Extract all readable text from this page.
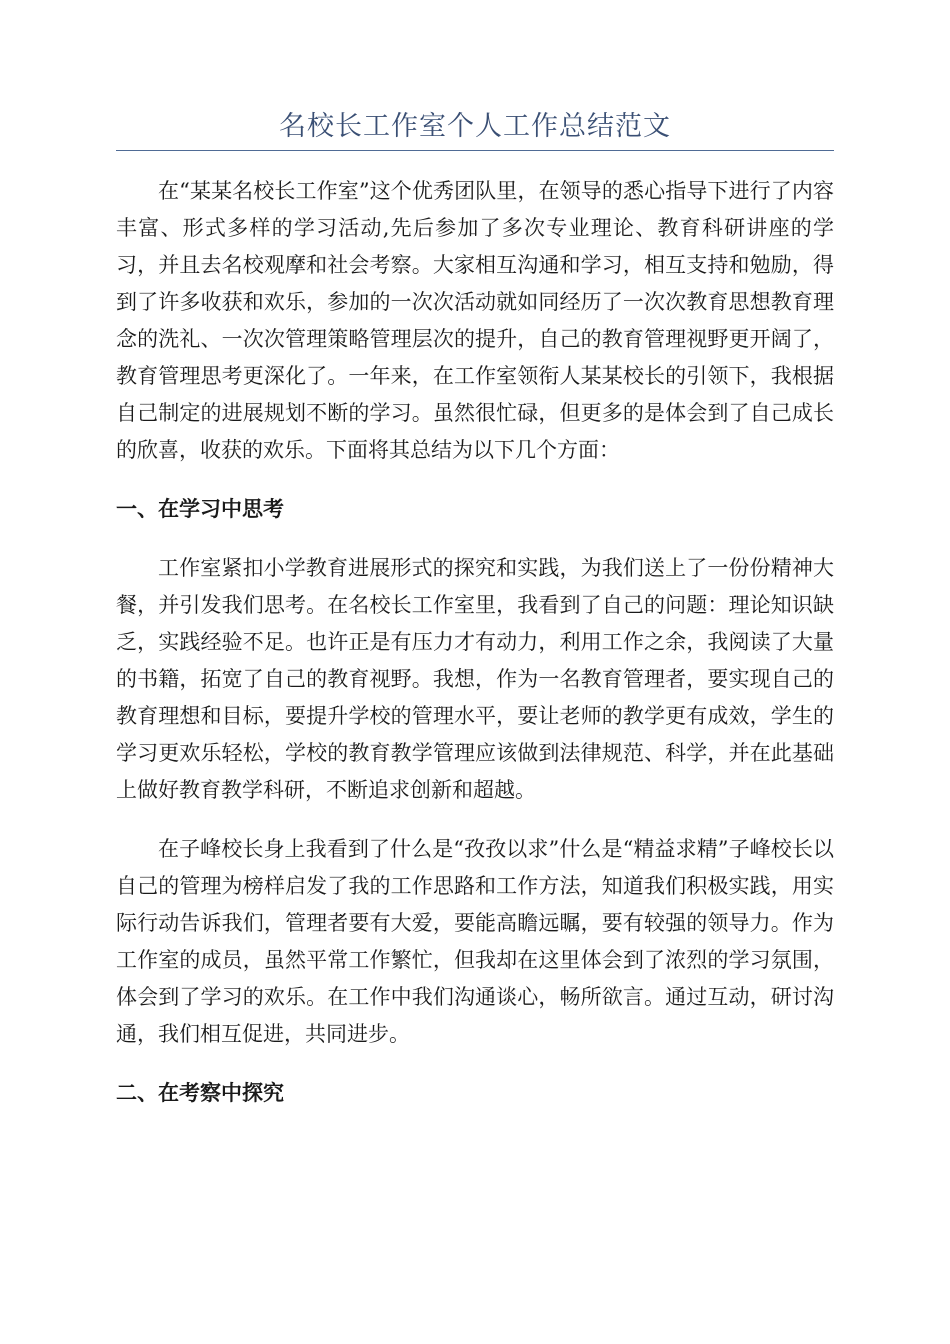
名校长工作室个人工作总结范文

在“某某名校长工作室”这个优秀团队里，在领导的悉心指导下进行了内容丰富、形式多样的学习活动,先后参加了多次专业理论、教育科研讲座的学习，并且去名校观摩和社会考察。大家相互沟通和学习，相互支持和勉励，得到了许多收获和欢乐，参加的一次次活动就如同经历了一次次教育思想教育理念的洗礼、一次次管理策略管理层次的提升，自己的教育管理视野更开阔了，教育管理思考更深化了。一年来，在工作室领衔人某某校长的引领下，我根据自己制定的进展规划不断的学习。虽然很忙碌，但更多的是体会到了自己成长的欣喜，收获的欢乐。下面将其总结为以下几个方面：

一、在学习中思考

工作室紧扣小学教育进展形式的探究和实践，为我们送上了一份份精神大餐，并引发我们思考。在名校长工作室里，我看到了自己的问题：理论知识缺乏，实践经验不足。也许正是有压力才有动力，利用工作之余，我阅读了大量的书籍，拓宽了自己的教育视野。我想，作为一名教育管理者，要实现自己的教育理想和目标，要提升学校的管理水平，要让老师的教学更有成效，学生的学习更欢乐轻松，学校的教育教学管理应该做到法律规范、科学，并在此基础上做好教育教学科研，不断追求创新和超越。

在子峰校长身上我看到了什么是“孜孜以求”什么是“精益求精”子峰校长以自己的管理为榜样启发了我的工作思路和工作方法，知道我们积极实践，用实际行动告诉我们，管理者要有大爱，要能高瞻远瞩，要有较强的领导力。作为工作室的成员，虽然平常工作繁忙，但我却在这里体会到了浓烈的学习氛围，体会到了学习的欢乐。在工作中我们沟通谈心，畅所欲言。通过互动，研讨沟通，我们相互促进，共同进步。

二、在考察中探究
